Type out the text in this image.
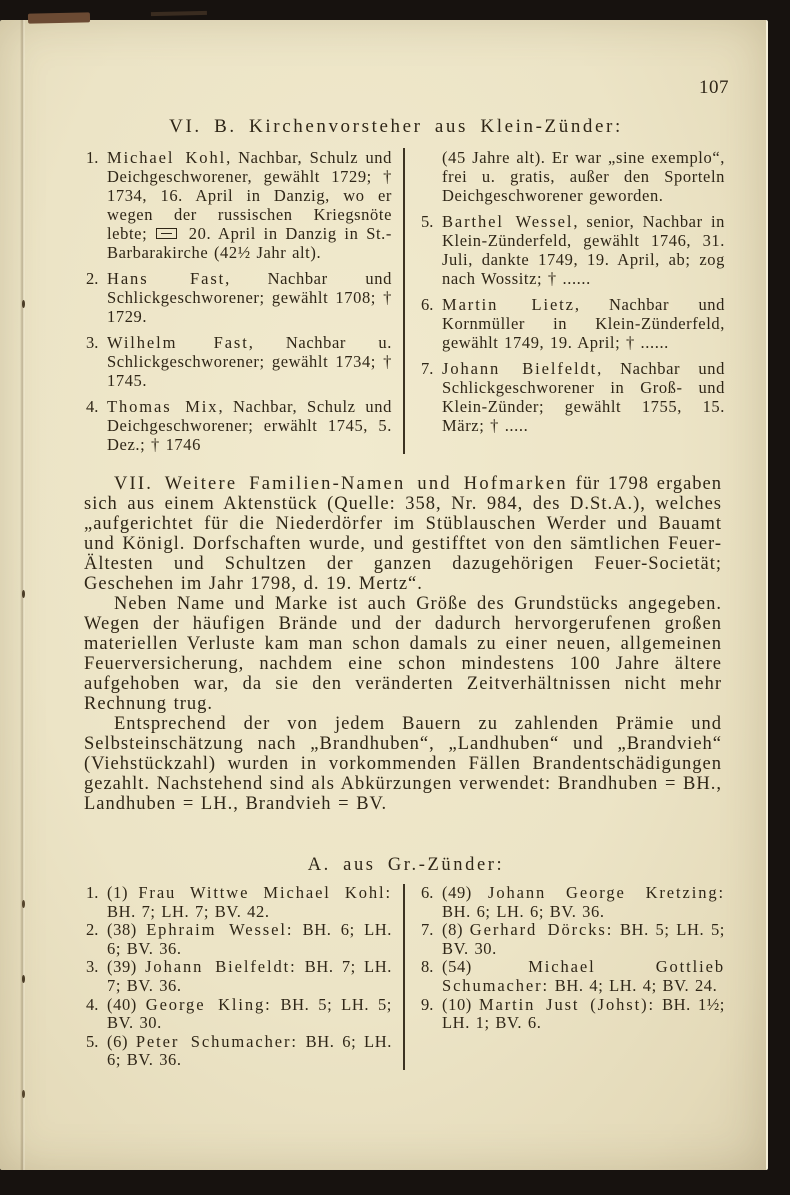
107
VI. B. Kirchenvorsteher aus Klein-Zünder:

1. Michael Kohl, Nachbar, Schulz und Deichgeschworener, gewählt 1729; † 1734, 16. April in Danzig, wo er wegen der russischen Kriegsnöte lebte;	20. April in Danzig in St.-Barbarakirche (42½ Jahr alt).

2. Hans Fast, Nachbar und Schlickgeschworener; gewählt 1708; † 1729.

3. Wilhelm Fast, Nachbar u. Schlickgeschworener; gewählt 1734; † 1745.

4. Thomas Mix, Nachbar, Schulz und Deichgeschworener; erwählt 1745, 5. Dez.; † 1746

(45 Jahre alt). Er war „sine exemplo“, frei u. gratis, außer den Sporteln Deichgeschworener geworden.

5. Barthel Wessel, senior, Nachbar in Klein-Zünderfeld, gewählt 1746, 31. Juli, dankte 1749, 19. April, ab; zog nach Wossitz; † ......

6. Martin Lietz, Nachbar und Kornmüller in Klein-Zünderfeld, gewählt 1749, 19. April; † ......

7. Johann Bielfeldt, Nachbar und Schlickgeschworener in Groß- und Klein-Zünder; gewählt 1755, 15. März; † .....

VII. Weitere Familien-Namen und Hofmarken für 1798 ergaben sich aus einem Aktenstück (Quelle: 358, Nr. 984, des D.St.A.), welches „aufgerichtet für die Niederdörfer im Stüblauschen Werder und Bauamt und Königl. Dorfschaften wurde, und gestifftet von den sämtlichen Feuer-Ältesten und Schultzen der ganzen dazugehörigen Feuer-Societät; Geschehen im Jahr 1798, d. 19. Mertz“.

Neben Name und Marke ist auch Größe des Grundstücks angegeben. Wegen der häufigen Brände und der dadurch hervorgerufenen großen materiellen Verluste kam man schon damals zu einer neuen, allgemeinen Feuerversicherung, nachdem eine schon mindestens 100 Jahre ältere aufgehoben war, da sie den veränderten Zeitverhältnissen nicht mehr Rechnung trug.

Entsprechend der von jedem Bauern zu zahlenden Prämie und Selbsteinschätzung nach „Brandhuben“, „Landhuben“ und „Brandvieh“ (Viehstückzahl) wurden in vorkommenden Fällen Brandentschädigungen gezahlt. Nachstehend sind als Abkürzungen verwendet: Brandhuben = BH., Landhuben = LH., Brandvieh = BV.

A. aus Gr.-Zünder:

1. (1) Frau Wittwe Michael Kohl: BH. 7; LH. 7; BV. 42.

2. (38) Ephraim Wessel: BH. 6; LH. 6; BV. 36.

3. (39) Johann Bielfeldt: BH. 7; LH. 7; BV. 36.

4. (40) George Kling: BH. 5; LH. 5; BV. 30.

5. (6) Peter Schumacher: BH. 6; LH. 6; BV. 36.

6. (49) Johann George Kretzing: BH. 6; LH. 6; BV. 36.

7. (8) Gerhard Dörcks: BH. 5; LH. 5; BV. 30.

8. (54)	Michael Gottlieb Schumacher: BH. 4; LH. 4; BV. 24.

9. (10) Martin Just (Johst): BH. 1½; LH. 1; BV. 6.
